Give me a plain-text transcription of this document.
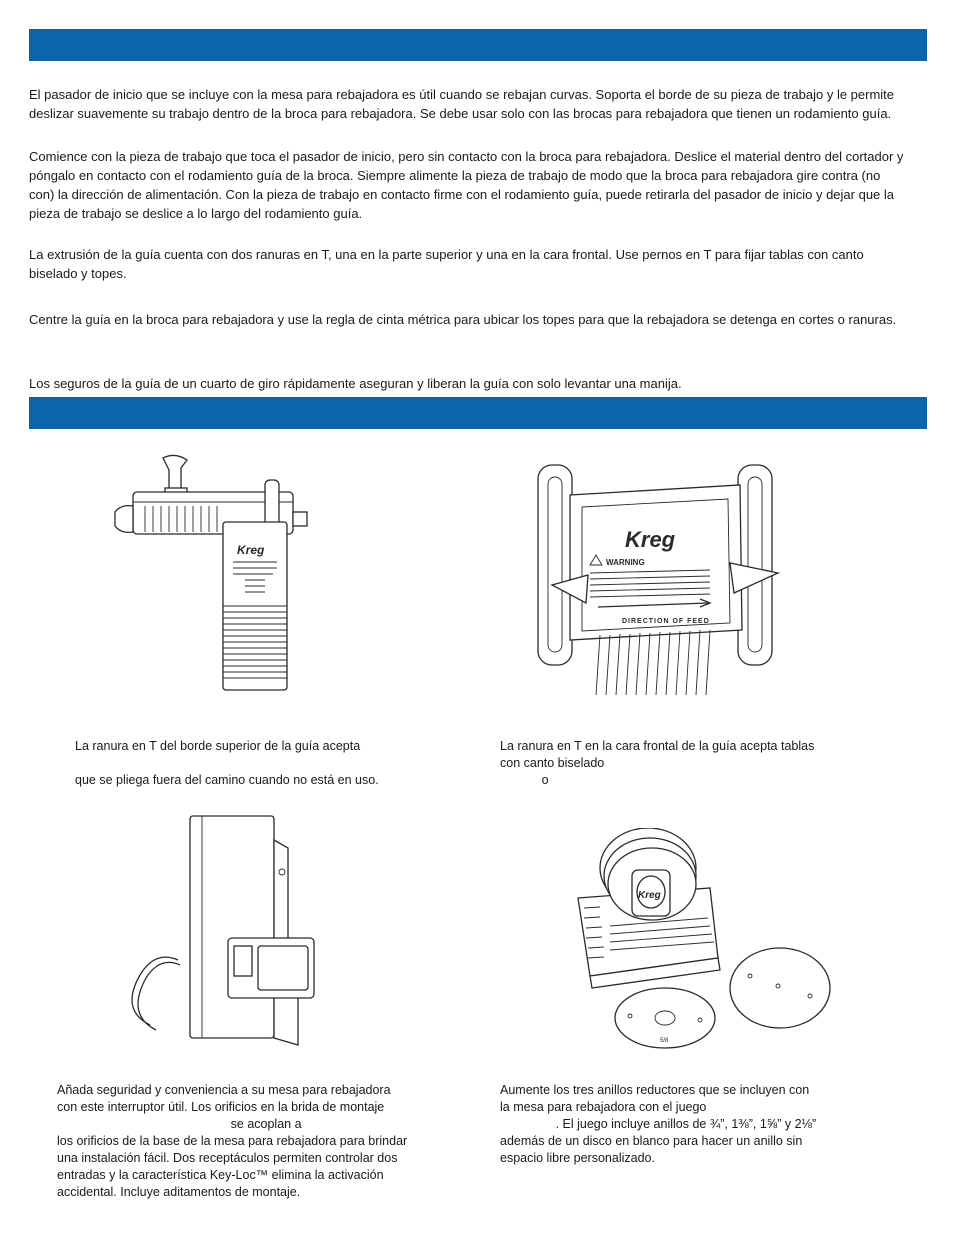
El pasador de inicio que se incluye con la mesa para rebajadora es útil cuando se rebajan curvas. Soporta el borde de su pieza de trabajo y le permite deslizar suavemente su trabajo dentro de la broca para rebajadora. Se debe usar solo con las brocas para rebajadora que tienen un rodamiento guía.

Comience con la pieza de trabajo que toca el pasador de inicio, pero sin contacto con la broca para rebajadora. Deslice el material dentro del cortador y póngalo en contacto con el rodamiento guía de la broca. Siempre alimente la pieza de trabajo de modo que la broca para rebajadora gire contra (no con) la dirección de alimentación. Con la pieza de trabajo en contacto firme con el rodamiento guía, puede retirarla del pasador de inicio y dejar que la pieza de trabajo se deslice a lo largo del rodamiento guía.

La extrusión de la guía cuenta con dos ranuras en T, una en la parte superior y una en la cara frontal. Use pernos en T para fijar tablas con canto biselado y topes.

Centre la guía en la broca para rebajadora y use la regla de cinta métrica para ubicar los topes para que la rebajadora se detenga en cortes o ranuras.

Los seguros de la guía de un cuarto de giro rápidamente aseguran y liberan la guía con solo levantar una manija.

Kreg	Kreg
WARNING
DIRECTION OF FEED
La ranura en T del borde superior de la guía acepta
que se pliega fuera del camino cuando no está en uso.
La ranura en T en la cara frontal de la guía acepta tablas
con canto biselado
o
Kreg
5/8
Añada seguridad y conveniencia a su mesa para rebajadora
con este interruptor útil. Los orificios en la brida de montaje
se acoplan a
los orificios de la base de la mesa para rebajadora para brindar
una instalación fácil. Dos receptáculos permiten controlar dos
entradas y la característica Key-Loc™ elimina la activación
accidental. Incluye aditamentos de montaje.
Aumente los tres anillos reductores que se incluyen con
la mesa para rebajadora con el juego
. El juego incluye anillos de ¾”, 1⅜”, 1⅝” y 2⅛”
además de un disco en blanco para hacer un anillo sin
espacio libre personalizado.
